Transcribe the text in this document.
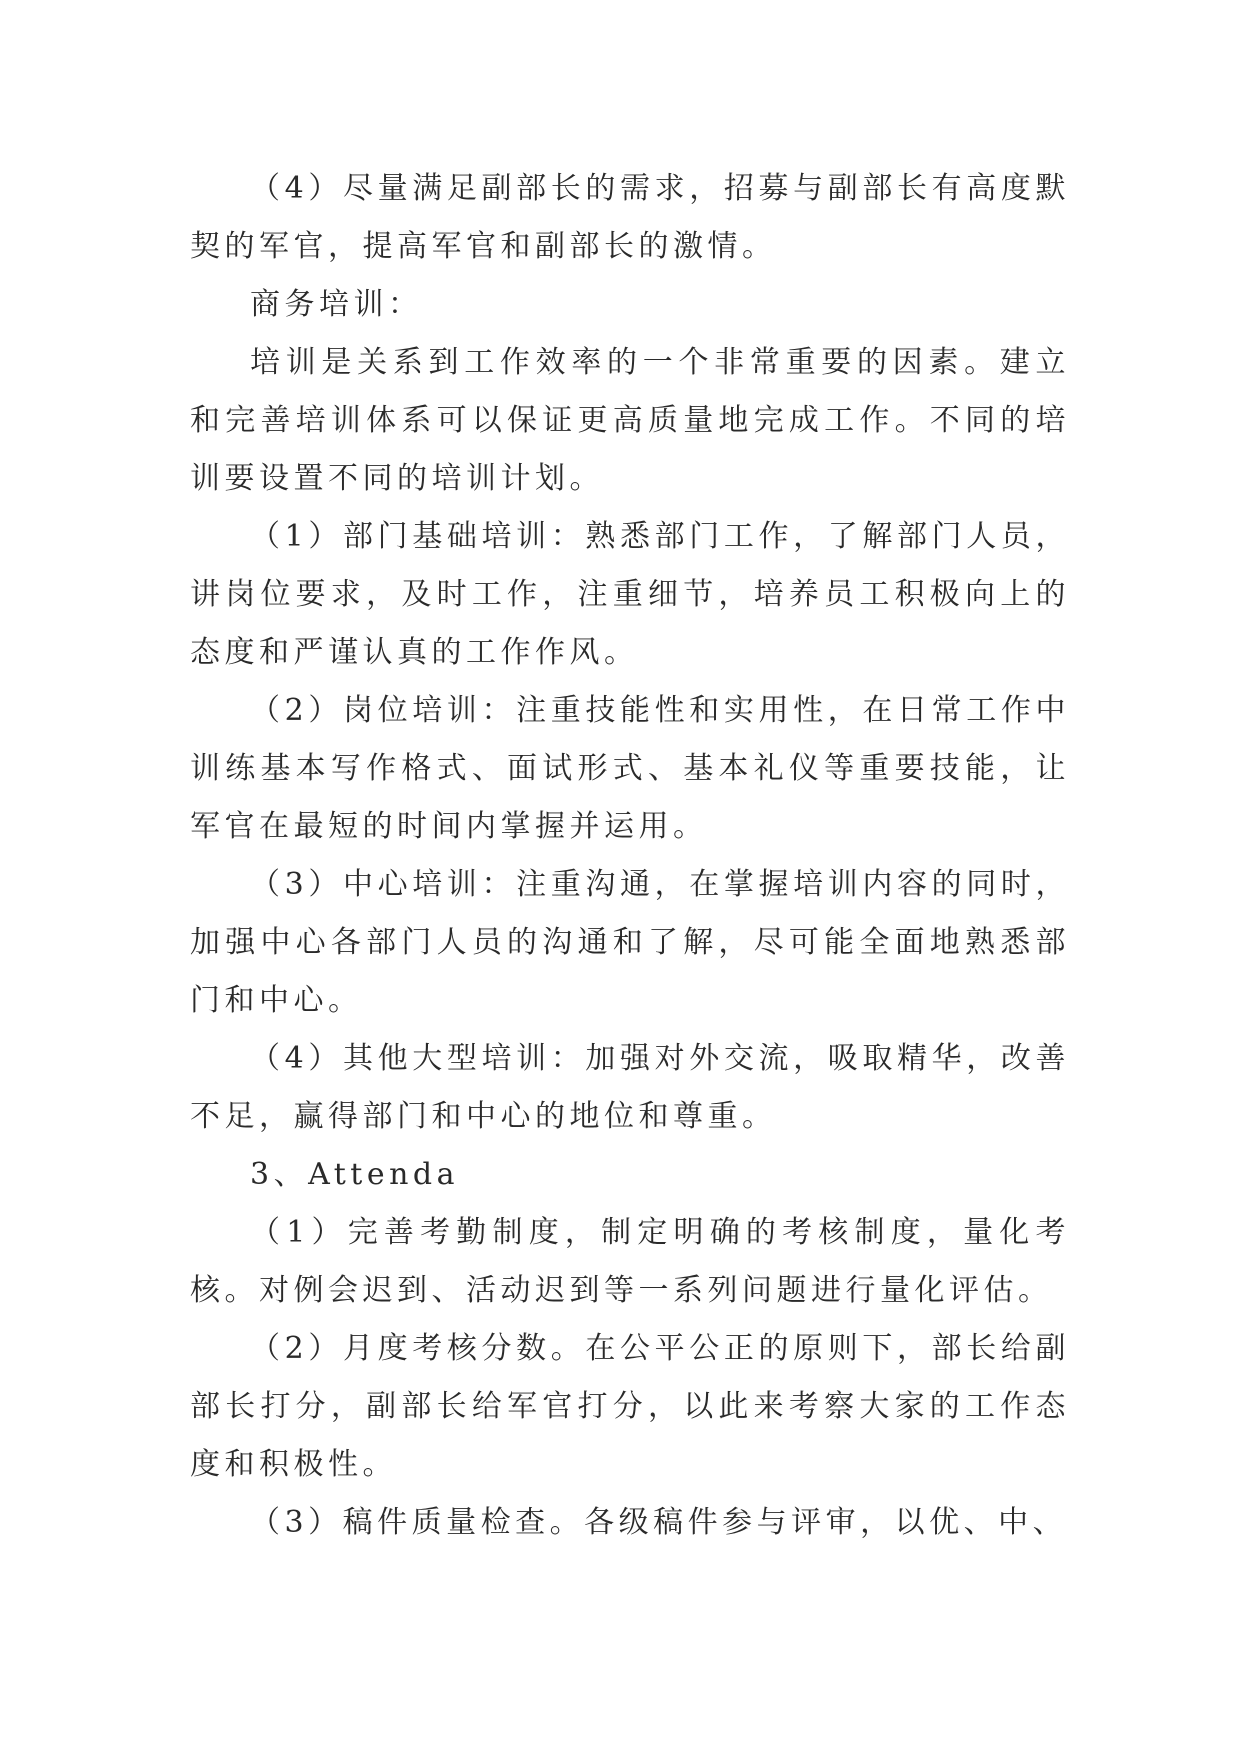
（4）尽量满足副部长的需求，招募与副部长有高度默契的军官，提高军官和副部长的激情。

商务培训：

培训是关系到工作效率的一个非常重要的因素。建立和完善培训体系可以保证更高质量地完成工作。不同的培训要设置不同的培训计划。

（1）部门基础培训：熟悉部门工作，了解部门人员，讲岗位要求，及时工作，注重细节，培养员工积极向上的态度和严谨认真的工作作风。

（2）岗位培训：注重技能性和实用性，在日常工作中训练基本写作格式、面试形式、基本礼仪等重要技能，让军官在最短的时间内掌握并运用。

（3）中心培训：注重沟通，在掌握培训内容的同时，加强中心各部门人员的沟通和了解，尽可能全面地熟悉部门和中心。

（4）其他大型培训：加强对外交流，吸取精华，改善不足，赢得部门和中心的地位和尊重。

3、Attenda

（1）完善考勤制度，制定明确的考核制度，量化考核。对例会迟到、活动迟到等一系列问题进行量化评估。

（2）月度考核分数。在公平公正的原则下，部长给副部长打分，副部长给军官打分，以此来考察大家的工作态度和积极性。

（3）稿件质量检查。各级稿件参与评审，以优、中、
